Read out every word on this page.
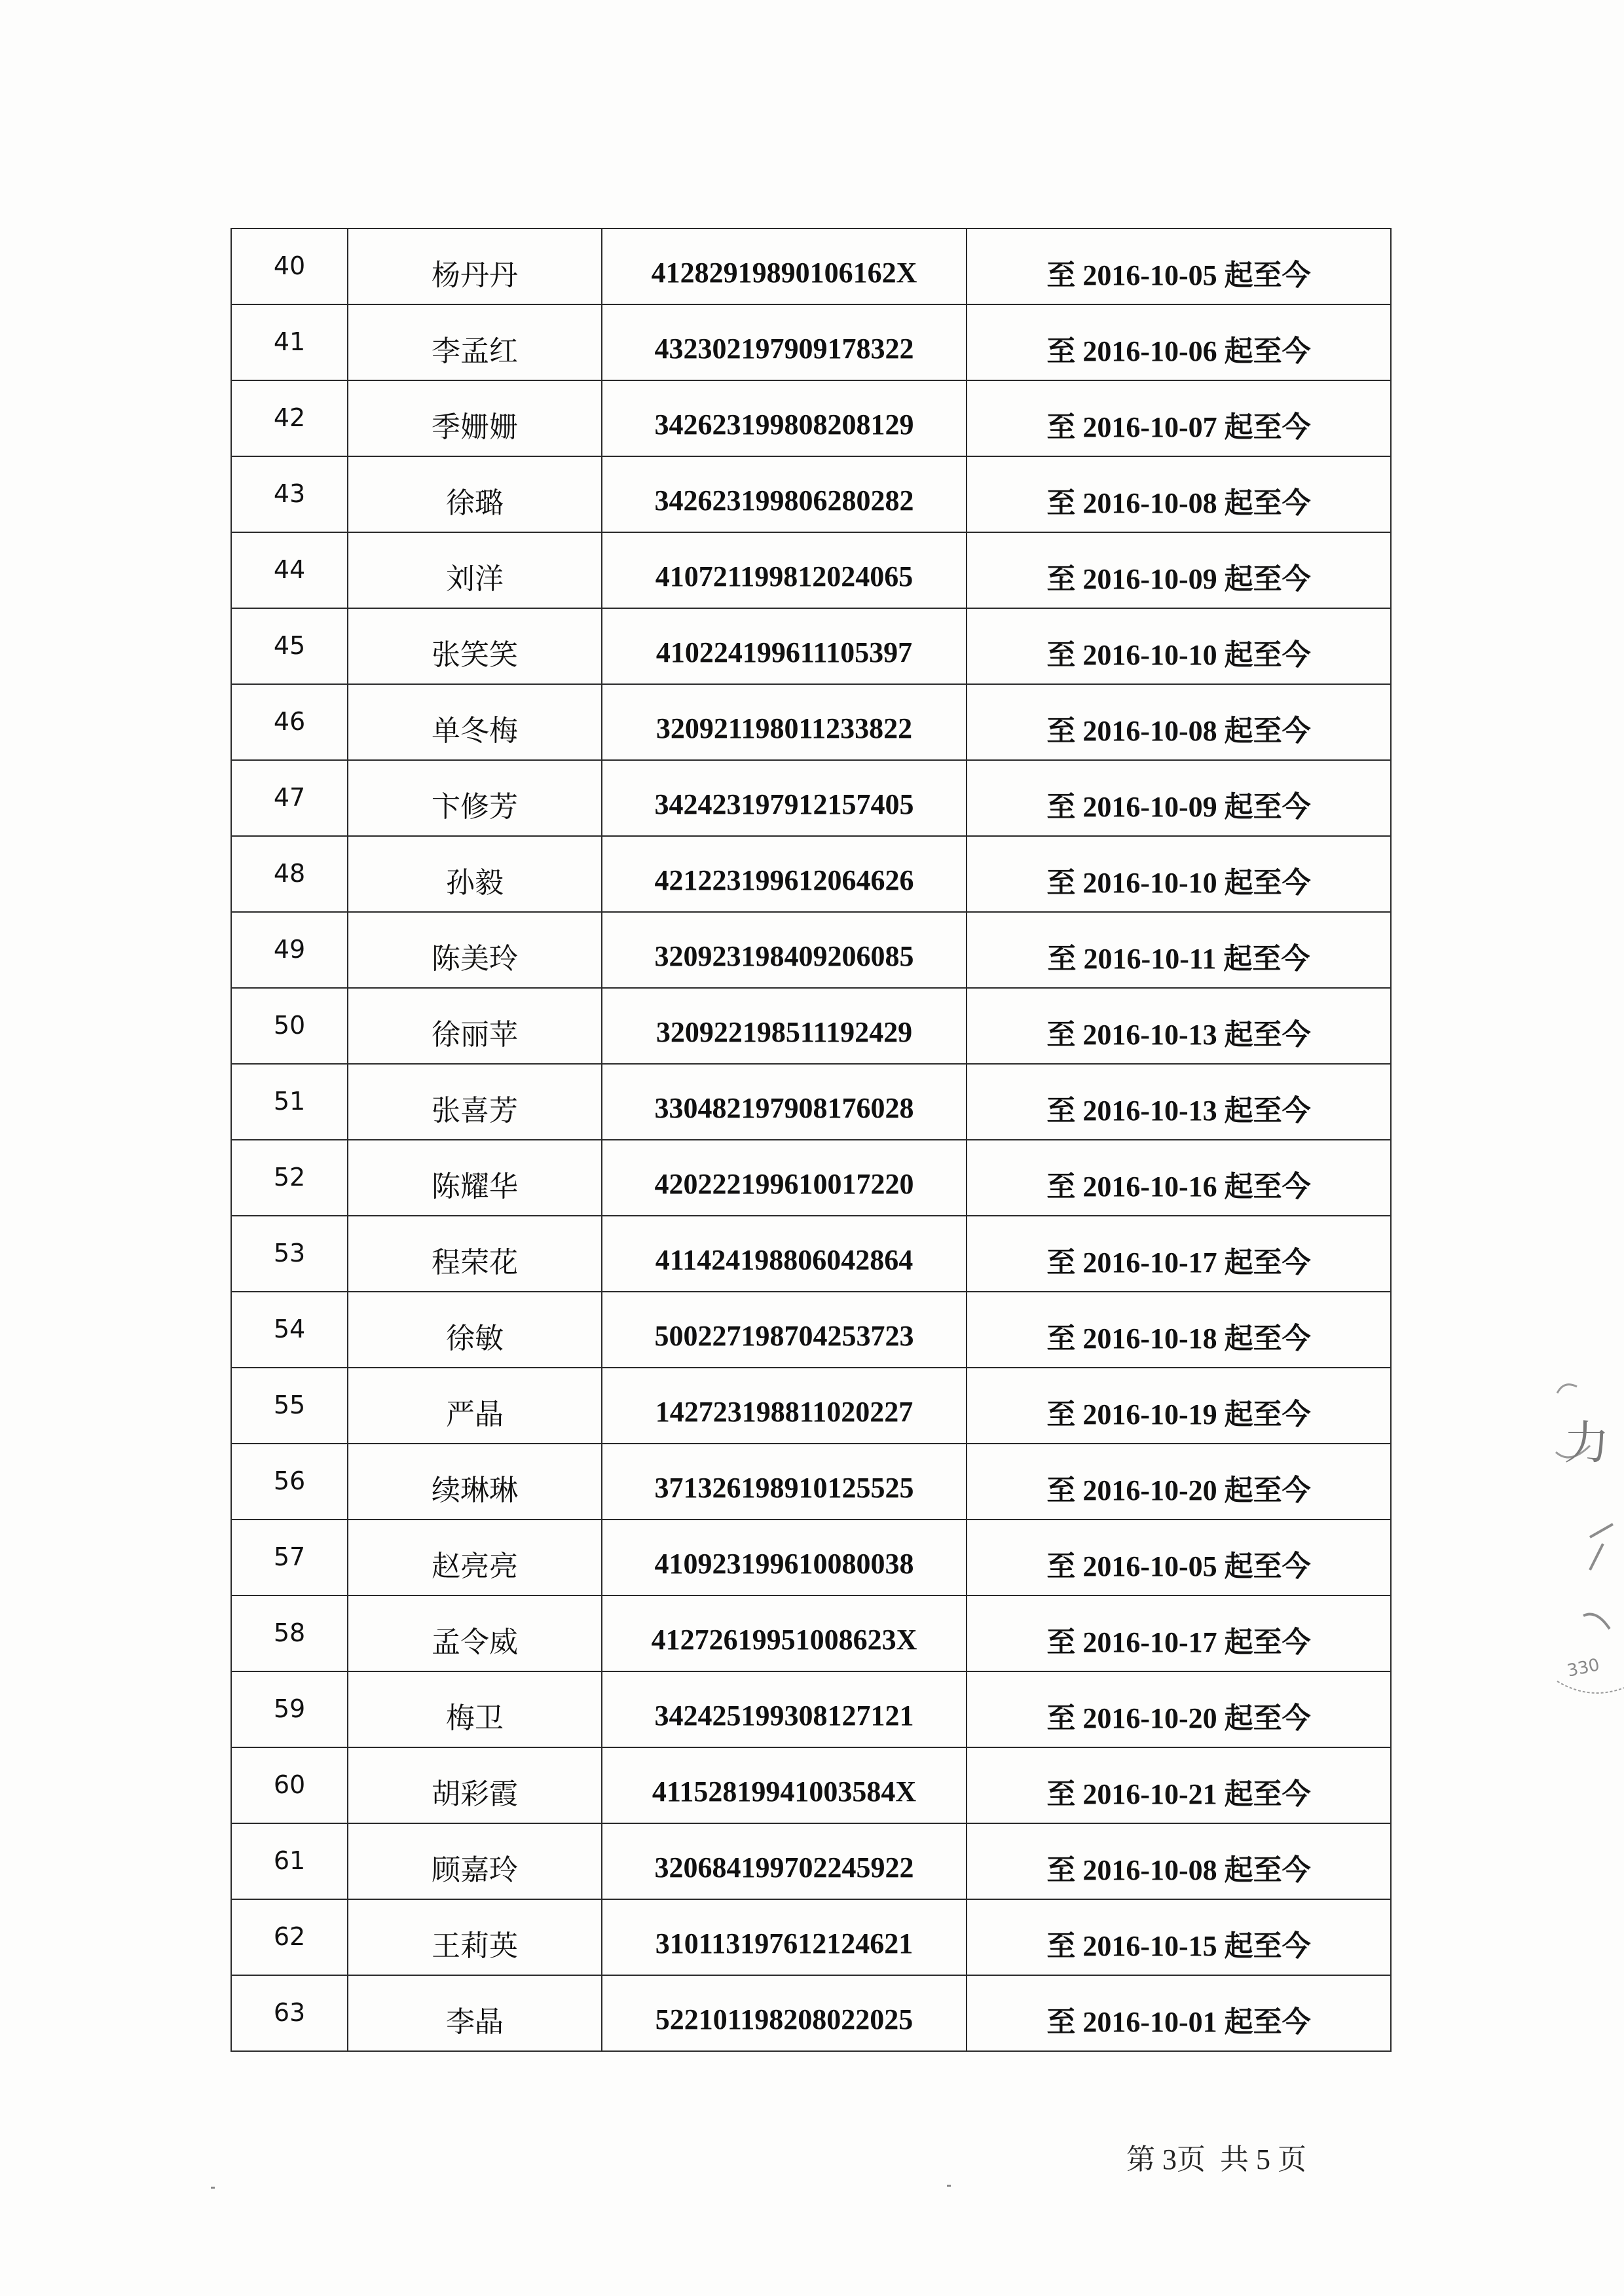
40	杨丹丹	41282919890106162X	至 2016-10-05 起至今
41	李孟红	432302197909178322	至 2016-10-06 起至今
42	季姗姗	342623199808208129	至 2016-10-07 起至今
43	徐璐	342623199806280282	至 2016-10-08 起至今
44	刘洋	410721199812024065	至 2016-10-09 起至今
45	张笑笑	410224199611105397	至 2016-10-10 起至今
46	单冬梅	320921198011233822	至 2016-10-08 起至今
47	卞修芳	342423197912157405	至 2016-10-09 起至今
48	孙毅	421223199612064626	至 2016-10-10 起至今
49	陈美玲	320923198409206085	至 2016-10-11 起至今
50	徐丽苹	320922198511192429	至 2016-10-13 起至今
51	张喜芳	330482197908176028	至 2016-10-13 起至今
52	陈耀华	420222199610017220	至 2016-10-16 起至今
53	程荣花	411424198806042864	至 2016-10-17 起至今
54	徐敏	500227198704253723	至 2016-10-18 起至今
55	严晶	142723198811020227	至 2016-10-19 起至今
56	续琳琳	371326198910125525	至 2016-10-20 起至今
57	赵亮亮	410923199610080038	至 2016-10-05 起至今
58	孟令威	41272619951008623X	至 2016-10-17 起至今
59	梅卫	342425199308127121	至 2016-10-20 起至今
60	胡彩霞	41152819941003584X	至 2016-10-21 起至今
61	顾嘉玲	320684199702245922	至 2016-10-08 起至今
62	王莉英	310113197612124621	至 2016-10-15 起至今
63	李晶	522101198208022025	至 2016-10-01 起至今
力
330
第 3页  共 5 页
